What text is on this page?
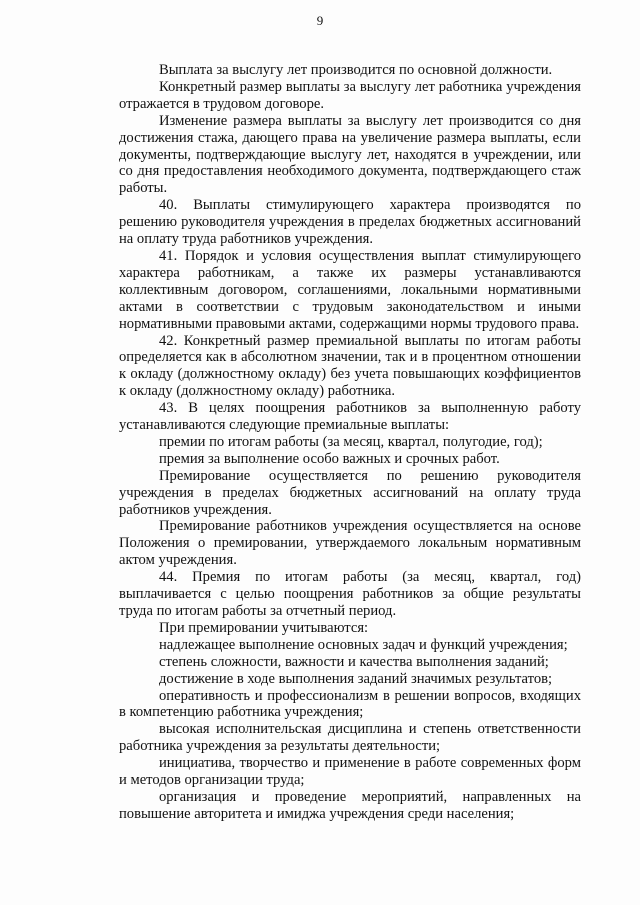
9

Выплата за выслугу лет производится по основной должности.

Конкретный размер выплаты за выслугу лет работника учреждения отражается в трудовом договоре.

Изменение размера выплаты за выслугу лет производится со дня достижения стажа, дающего права на увеличение размера выплаты, если документы, подтверждающие выслугу лет, находятся в учреждении, или со дня предоставления необходимого документа, подтверждающего стаж работы.

40. Выплаты стимулирующего характера производятся по решению руководителя учреждения в пределах бюджетных ассигнований на оплату труда работников учреждения.

41. Порядок и условия осуществления выплат стимулирующего характера работникам, а также их размеры устанавливаются коллективным договором, соглашениями, локальными нормативными актами в соответствии с трудовым законодательством и иными нормативными правовыми актами, содержащими нормы трудового права.

42. Конкретный размер премиальной выплаты по итогам работы определяется как в абсолютном значении, так и в процентном отношении к окладу (должностному окладу) без учета повышающих коэффициентов к окладу (должностному окладу) работника.

43. В целях поощрения работников за выполненную работу устанавливаются следующие премиальные выплаты:

премии по итогам работы (за месяц, квартал, полугодие, год);

премия за выполнение особо важных и срочных работ.

Премирование осуществляется по решению руководителя учреждения в пределах бюджетных ассигнований на оплату труда работников учреждения.

Премирование работников учреждения осуществляется на основе Положения о премировании, утверждаемого локальным нормативным актом учреждения.

44. Премия по итогам работы (за месяц, квартал, год) выплачивается с целью поощрения работников за общие результаты труда по итогам работы за отчетный период.

При премировании учитываются:

надлежащее выполнение основных задач и функций учреждения;

степень сложности, важности и качества выполнения заданий;

достижение в ходе выполнения заданий значимых результатов;

оперативность и профессионализм в решении вопросов, входящих в компетенцию работника учреждения;

высокая исполнительская дисциплина и степень ответственности работника учреждения за результаты деятельности;

инициатива, творчество и применение в работе современных форм и методов организации труда;

организация и проведение мероприятий, направленных на повышение авторитета и имиджа учреждения среди населения;
